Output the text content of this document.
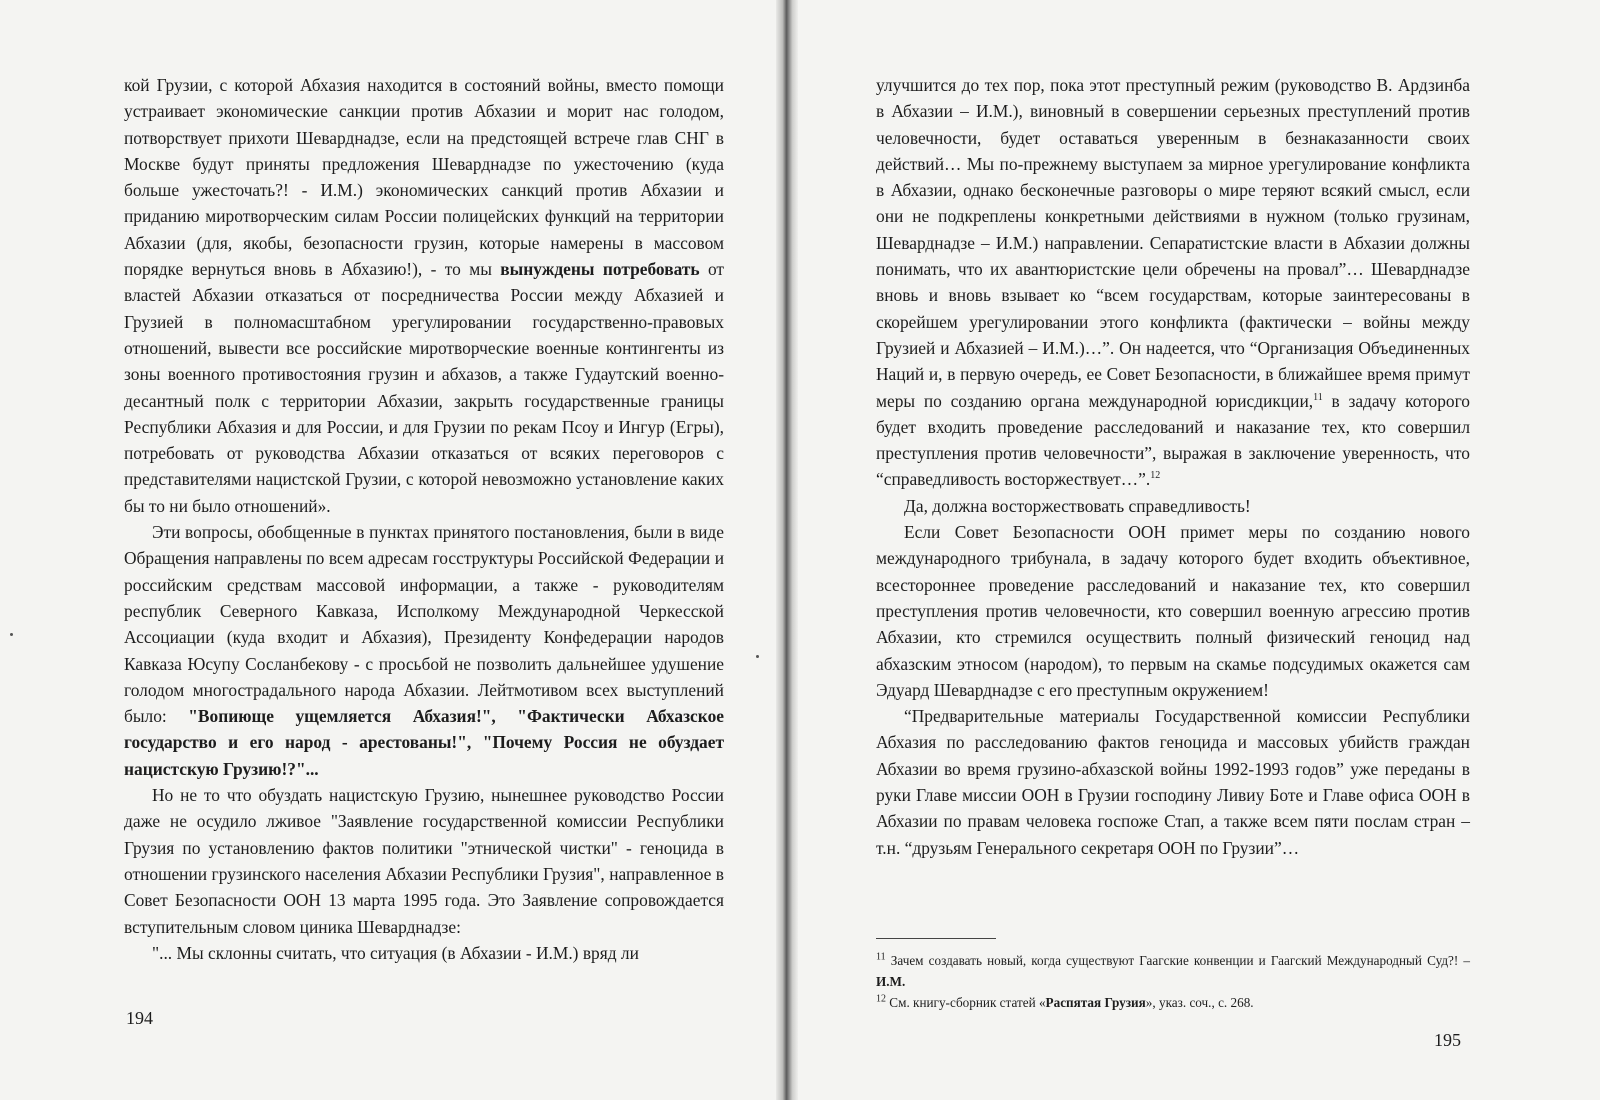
кой Грузии, с которой Абхазия находится в состояний войны, вместо помощи устраивает экономические санкции против Абхазии и морит нас голодом, потворствует прихоти Шеварднадзе, если на предстоящей встрече глав СНГ в Москве будут приняты предложения Шеварднадзе по ужесточению (куда больше ужесточать?! - И.М.) экономических санкций против Абхазии и приданию миротворческим силам России полицейских функций на территории Абхазии (для, якобы, безопасности грузин, которые намерены в массовом порядке вернуться вновь в Абхазию!), - то мы вынуждены потребовать от властей Абхазии отказаться от посредничества России между Абхазией и Грузией в полномасштабном урегулировании государственно-правовых отношений, вывести все российские миротворческие военные контингенты из зоны военного противостояния грузин и абхазов, а также Гудаутский военно-десантный полк с территории Абхазии, закрыть государственные границы Республики Абхазия и для России, и для Грузии по рекам Псоу и Ингур (Егры), потребовать от руководства Абхазии отказаться от всяких переговоров с представителями нацистской Грузии, с которой невозможно установление каких бы то ни было отношений».

Эти вопросы, обобщенные в пунктах принятого постановления, были в виде Обращения направлены по всем адресам госструктуры Российской Федерации и российским средствам массовой информации, а также - руководителям республик Северного Кавказа, Исполкому Международной Черкесской Ассоциации (куда входит и Абхазия), Президенту Конфедерации народов Кавказа Юсупу Сосланбекову - с просьбой не позволить дальнейшее удушение голодом многострадального народа Абхазии. Лейтмотивом всех выступлений было: "Вопиюще ущемляется Абхазия!", "Фактически Абхазское государство и его народ - арестованы!", "Почему Россия не обуздает нацистскую Грузию!?"...

Но не то что обуздать нацистскую Грузию, нынешнее руководство России даже не осудило лживое "Заявление государственной комиссии Республики Грузия по установлению фактов политики "этнической чистки" - геноцида в отношении грузинского населения Абхазии Республики Грузия", направленное в Совет Безопасности ООН 13 марта 1995 года. Это Заявление сопровождается вступительным словом циника Шеварднадзе:

"... Мы склонны считать, что ситуация (в Абхазии - И.М.) вряд ли

194

улучшится до тех пор, пока этот преступный режим (руководство В. Ардзинба в Абхазии – И.М.), виновный в совершении серьезных преступлений против человечности, будет оставаться уверенным в безнаказанности своих действий… Мы по-прежнему выступаем за мирное урегулирование конфликта в Абхазии, однако бесконечные разговоры о мире теряют всякий смысл, если они не подкреплены конкретными действиями в нужном (только грузинам, Шеварднадзе – И.М.) направлении. Сепаратистские власти в Абхазии должны понимать, что их авантюристские цели обречены на провал”… Шеварднадзе вновь и вновь взывает ко “всем государствам, которые заинтересованы в скорейшем урегулировании этого конфликта (фактически – войны между Грузией и Абхазией – И.М.)…”. Он надеется, что “Организация Объединенных Наций и, в первую очередь, ее Совет Безопасности, в ближайшее время примут меры по созданию органа международной юрисдикции,$^{11}$ в задачу которого будет входить проведение расследований и наказание тех, кто совершил преступления против человечности”, выражая в заключение уверенность, что “справедливость восторжествует…”.$^{12}$

Да, должна восторжествовать справедливость!

Если Совет Безопасности ООН примет меры по созданию нового международного трибунала, в задачу которого будет входить объективное, всестороннее проведение расследований и наказание тех, кто совершил преступления против человечности, кто совершил военную агрессию против Абхазии, кто стремился осуществить полный физический геноцид над абхазским этносом (народом), то первым на скамье подсудимых окажется сам Эдуард Шеварднадзе с его преступным окружением!

“Предварительные материалы Государственной комиссии Республики Абхазия по расследованию фактов геноцида и массовых убийств граждан Абхазии во время грузино-абхазской войны 1992-1993 годов” уже переданы в руки Главе миссии ООН в Грузии господину Ливиу Боте и Главе офиса ООН в Абхазии по правам человека госпоже Стап, а также всем пяти послам стран – т.н. “друзьям Генерального секретаря ООН по Грузии”…

$^{11}$ Зачем создавать новый, когда существуют Гаагские конвенции и Гаагский Международный Суд?! – И.М.

$^{12}$ См. книгу-сборник статей «Распятая Грузия», указ. соч., с. 268.

195
